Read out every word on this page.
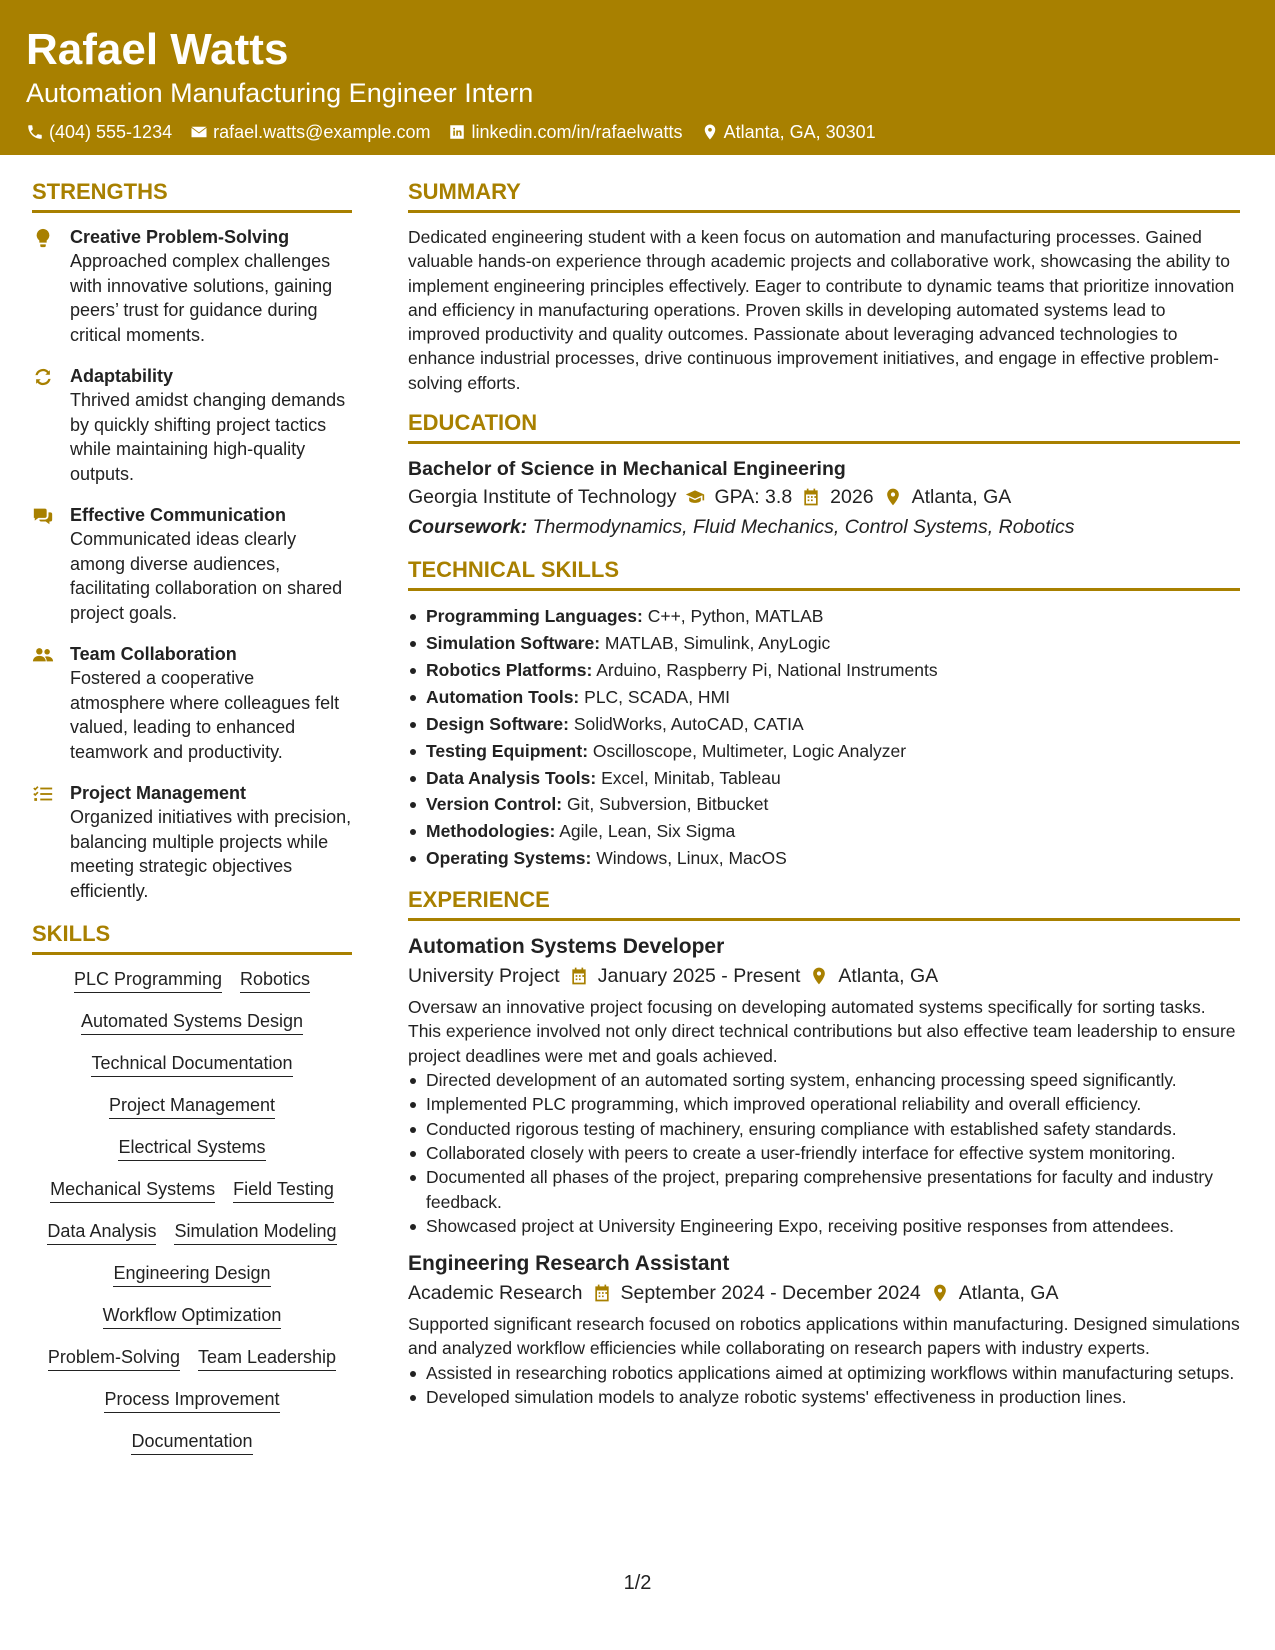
Rafael Watts
Automation Manufacturing Engineer Intern
(404) 555-1234 rafael.watts@example.com linkedin.com/in/rafaelwatts Atlanta, GA, 30301
STRENGTHS
Creative Problem-Solving
Approached complex challenges with innovative solutions, gaining peers’ trust for guidance during critical moments.
Adaptability
Thrived amidst changing demands by quickly shifting project tactics while maintaining high-quality outputs.
Effective Communication
Communicated ideas clearly among diverse audiences, facilitating collaboration on shared project goals.
Team Collaboration
Fostered a cooperative atmosphere where colleagues felt valued, leading to enhanced teamwork and productivity.
Project Management
Organized initiatives with precision, balancing multiple projects while meeting strategic objectives efficiently.
SKILLS
PLC Programming Robotics
Automated Systems Design
Technical Documentation
Project Management
Electrical Systems
Mechanical Systems Field Testing
Data Analysis Simulation Modeling
Engineering Design
Workflow Optimization
Problem-Solving Team Leadership
Process Improvement
Documentation
SUMMARY
Dedicated engineering student with a keen focus on automation and manufacturing processes. Gained valuable hands-on experience through academic projects and collaborative work, showcasing the ability to implement engineering principles effectively. Eager to contribute to dynamic teams that prioritize innovation and efficiency in manufacturing operations. Proven skills in developing automated systems lead to improved productivity and quality outcomes. Passionate about leveraging advanced technologies to enhance industrial processes, drive continuous improvement initiatives, and engage in effective problem-solving efforts.
EDUCATION
Bachelor of Science in Mechanical Engineering
Georgia Institute of Technology GPA: 3.8 2026 Atlanta, GA
Coursework: Thermodynamics, Fluid Mechanics, Control Systems, Robotics
TECHNICAL SKILLS
Programming Languages: C++, Python, MATLAB
Simulation Software: MATLAB, Simulink, AnyLogic
Robotics Platforms: Arduino, Raspberry Pi, National Instruments
Automation Tools: PLC, SCADA, HMI
Design Software: SolidWorks, AutoCAD, CATIA
Testing Equipment: Oscilloscope, Multimeter, Logic Analyzer
Data Analysis Tools: Excel, Minitab, Tableau
Version Control: Git, Subversion, Bitbucket
Methodologies: Agile, Lean, Six Sigma
Operating Systems: Windows, Linux, MacOS
EXPERIENCE
Automation Systems Developer
University Project January 2025 - Present Atlanta, GA
Oversaw an innovative project focusing on developing automated systems specifically for sorting tasks. This experience involved not only direct technical contributions but also effective team leadership to ensure project deadlines were met and goals achieved.
Directed development of an automated sorting system, enhancing processing speed significantly.
Implemented PLC programming, which improved operational reliability and overall efficiency.
Conducted rigorous testing of machinery, ensuring compliance with established safety standards.
Collaborated closely with peers to create a user-friendly interface for effective system monitoring.
Documented all phases of the project, preparing comprehensive presentations for faculty and industry feedback.
Showcased project at University Engineering Expo, receiving positive responses from attendees.
Engineering Research Assistant
Academic Research September 2024 - December 2024 Atlanta, GA
Supported significant research focused on robotics applications within manufacturing. Designed simulations and analyzed workflow efficiencies while collaborating on research papers with industry experts.
Assisted in researching robotics applications aimed at optimizing workflows within manufacturing setups.
Developed simulation models to analyze robotic systems' effectiveness in production lines.
1/2
